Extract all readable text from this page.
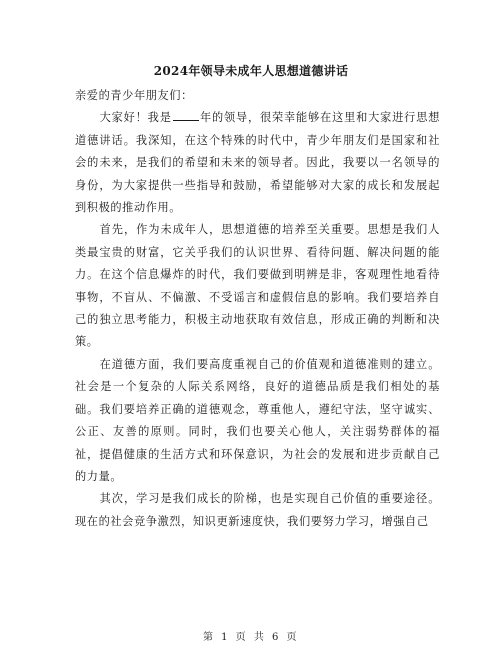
2024年领导未成年人思想道德讲话

亲爱的青少年朋友们：

大家好！我是	年的领导，很荣幸能够在这里和大家进行思想道德讲话。我深知，在这个特殊的时代中，青少年朋友们是国家和社会的未来，是我们的希望和未来的领导者。因此，我要以一名领导的身份，为大家提供一些指导和鼓励，希望能够对大家的成长和发展起到积极的推动作用。

首先，作为未成年人，思想道德的培养至关重要。思想是我们人类最宝贵的财富，它关乎我们的认识世界、看待问题、解决问题的能力。在这个信息爆炸的时代，我们要做到明辨是非，客观理性地看待事物，不盲从、不偏激、不受谣言和虚假信息的影响。我们要培养自己的独立思考能力，积极主动地获取有效信息，形成正确的判断和决策。

在道德方面，我们要高度重视自己的价值观和道德准则的建立。社会是一个复杂的人际关系网络，良好的道德品质是我们相处的基础。我们要培养正确的道德观念，尊重他人，遵纪守法，坚守诚实、公正、友善的原则。同时，我们也要关心他人，关注弱势群体的福祉，提倡健康的生活方式和环保意识，为社会的发展和进步贡献自己的力量。

其次，学习是我们成长的阶梯，也是实现自己价值的重要途径。现在的社会竞争激烈，知识更新速度快，我们要努力学习，增强自己

第 1 页 共 6 页
